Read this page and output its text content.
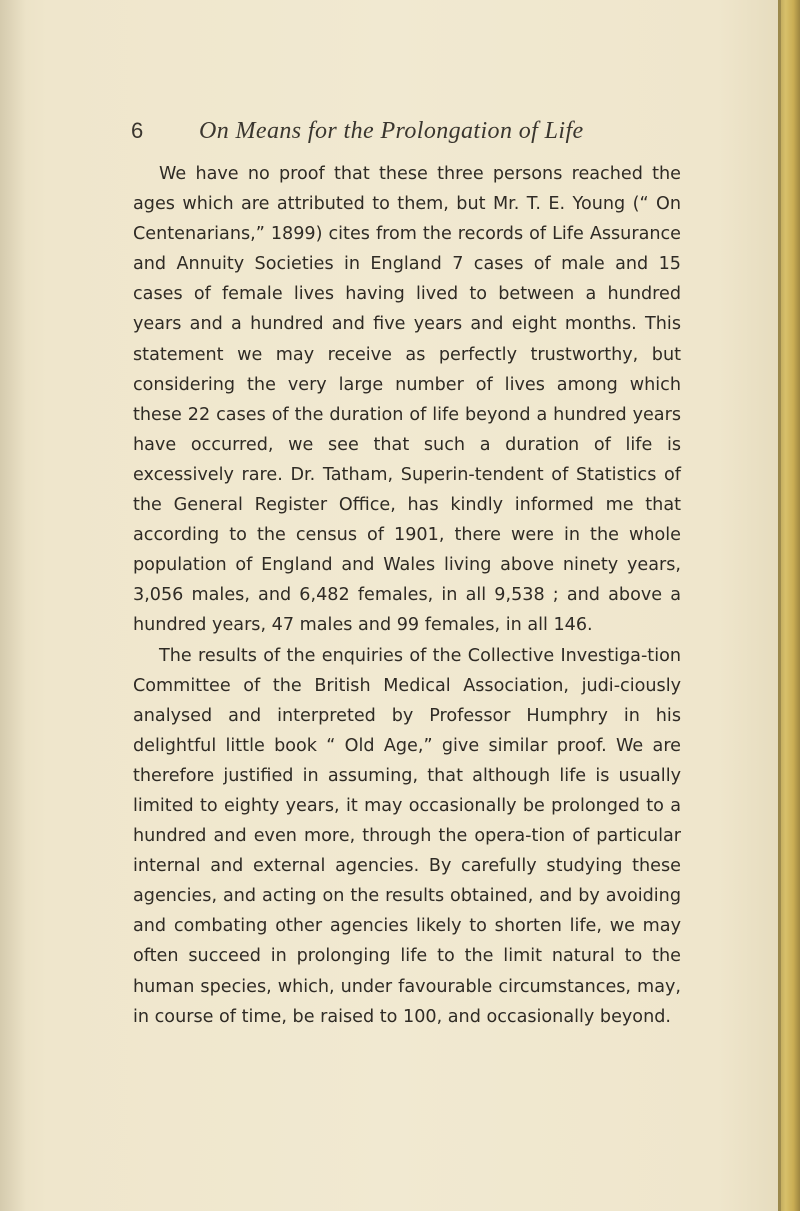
6 On Means for the Prolongation of Life

We have no proof that these three persons reached the ages which are attributed to them, but Mr. T. E. Young (“ On Centenarians,” 1899) cites from the records of Life Assurance and Annuity Societies in England 7 cases of male and 15 cases of female lives having lived to between a hundred years and a hundred and five years and eight months. This statement we may receive as perfectly trustworthy, but considering the very large number of lives among which these 22 cases of the duration of life beyond a hundred years have occurred, we see that such a duration of life is excessively rare. Dr. Tatham, Superin-tendent of Statistics of the General Register Office, has kindly informed me that according to the census of 1901, there were in the whole population of England and Wales living above ninety years, 3,056 males, and 6,482 females, in all 9,538 ; and above a hundred years, 47 males and 99 females, in all 146.

The results of the enquiries of the Collective Investiga-tion Committee of the British Medical Association, judi-ciously analysed and interpreted by Professor Humphry in his delightful little book “ Old Age,” give similar proof. We are therefore justified in assuming, that although life is usually limited to eighty years, it may occasionally be prolonged to a hundred and even more, through the opera-tion of particular internal and external agencies. By carefully studying these agencies, and acting on the results obtained, and by avoiding and combating other agencies likely to shorten life, we may often succeed in prolonging life to the limit natural to the human species, which, under favourable circumstances, may, in course of time, be raised to 100, and occasionally beyond.
